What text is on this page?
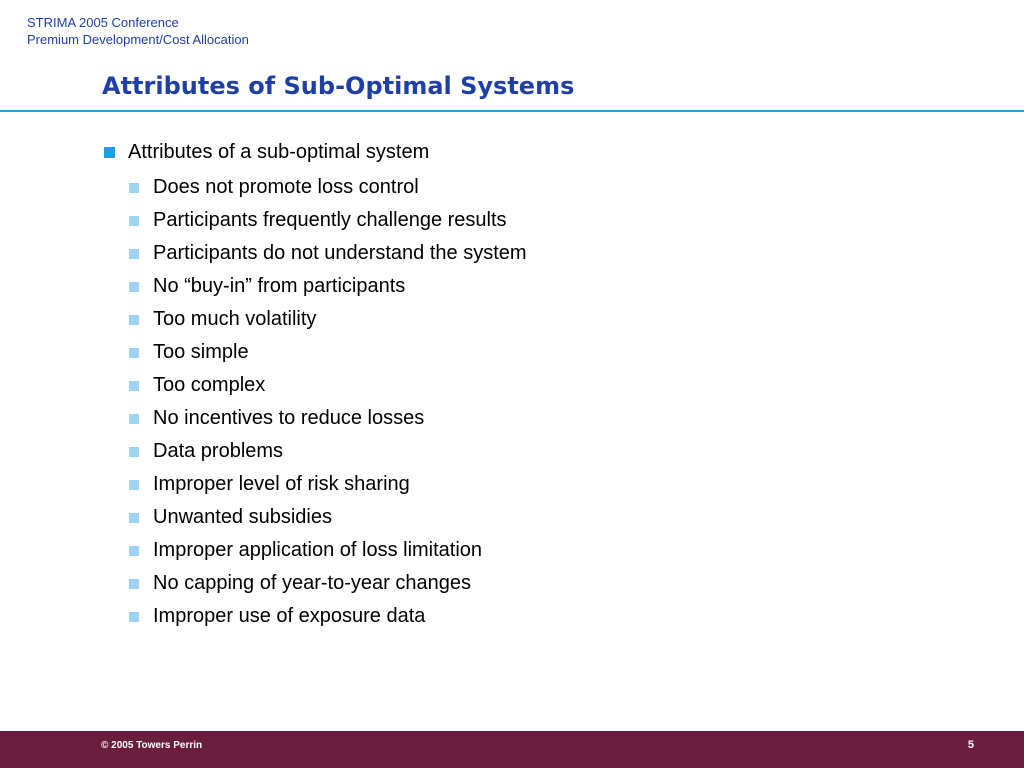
STRIMA 2005 Conference
Premium Development/Cost Allocation
Attributes of Sub-Optimal Systems
Attributes of a sub-optimal system
Does not promote loss control
Participants frequently challenge results
Participants do not understand the system
No “buy-in” from participants
Too much volatility
Too simple
Too complex
No incentives to reduce losses
Data problems
Improper level of risk sharing
Unwanted subsidies
Improper application of loss limitation
No capping of year-to-year changes
Improper use of exposure data
© 2005 Towers Perrin	5
